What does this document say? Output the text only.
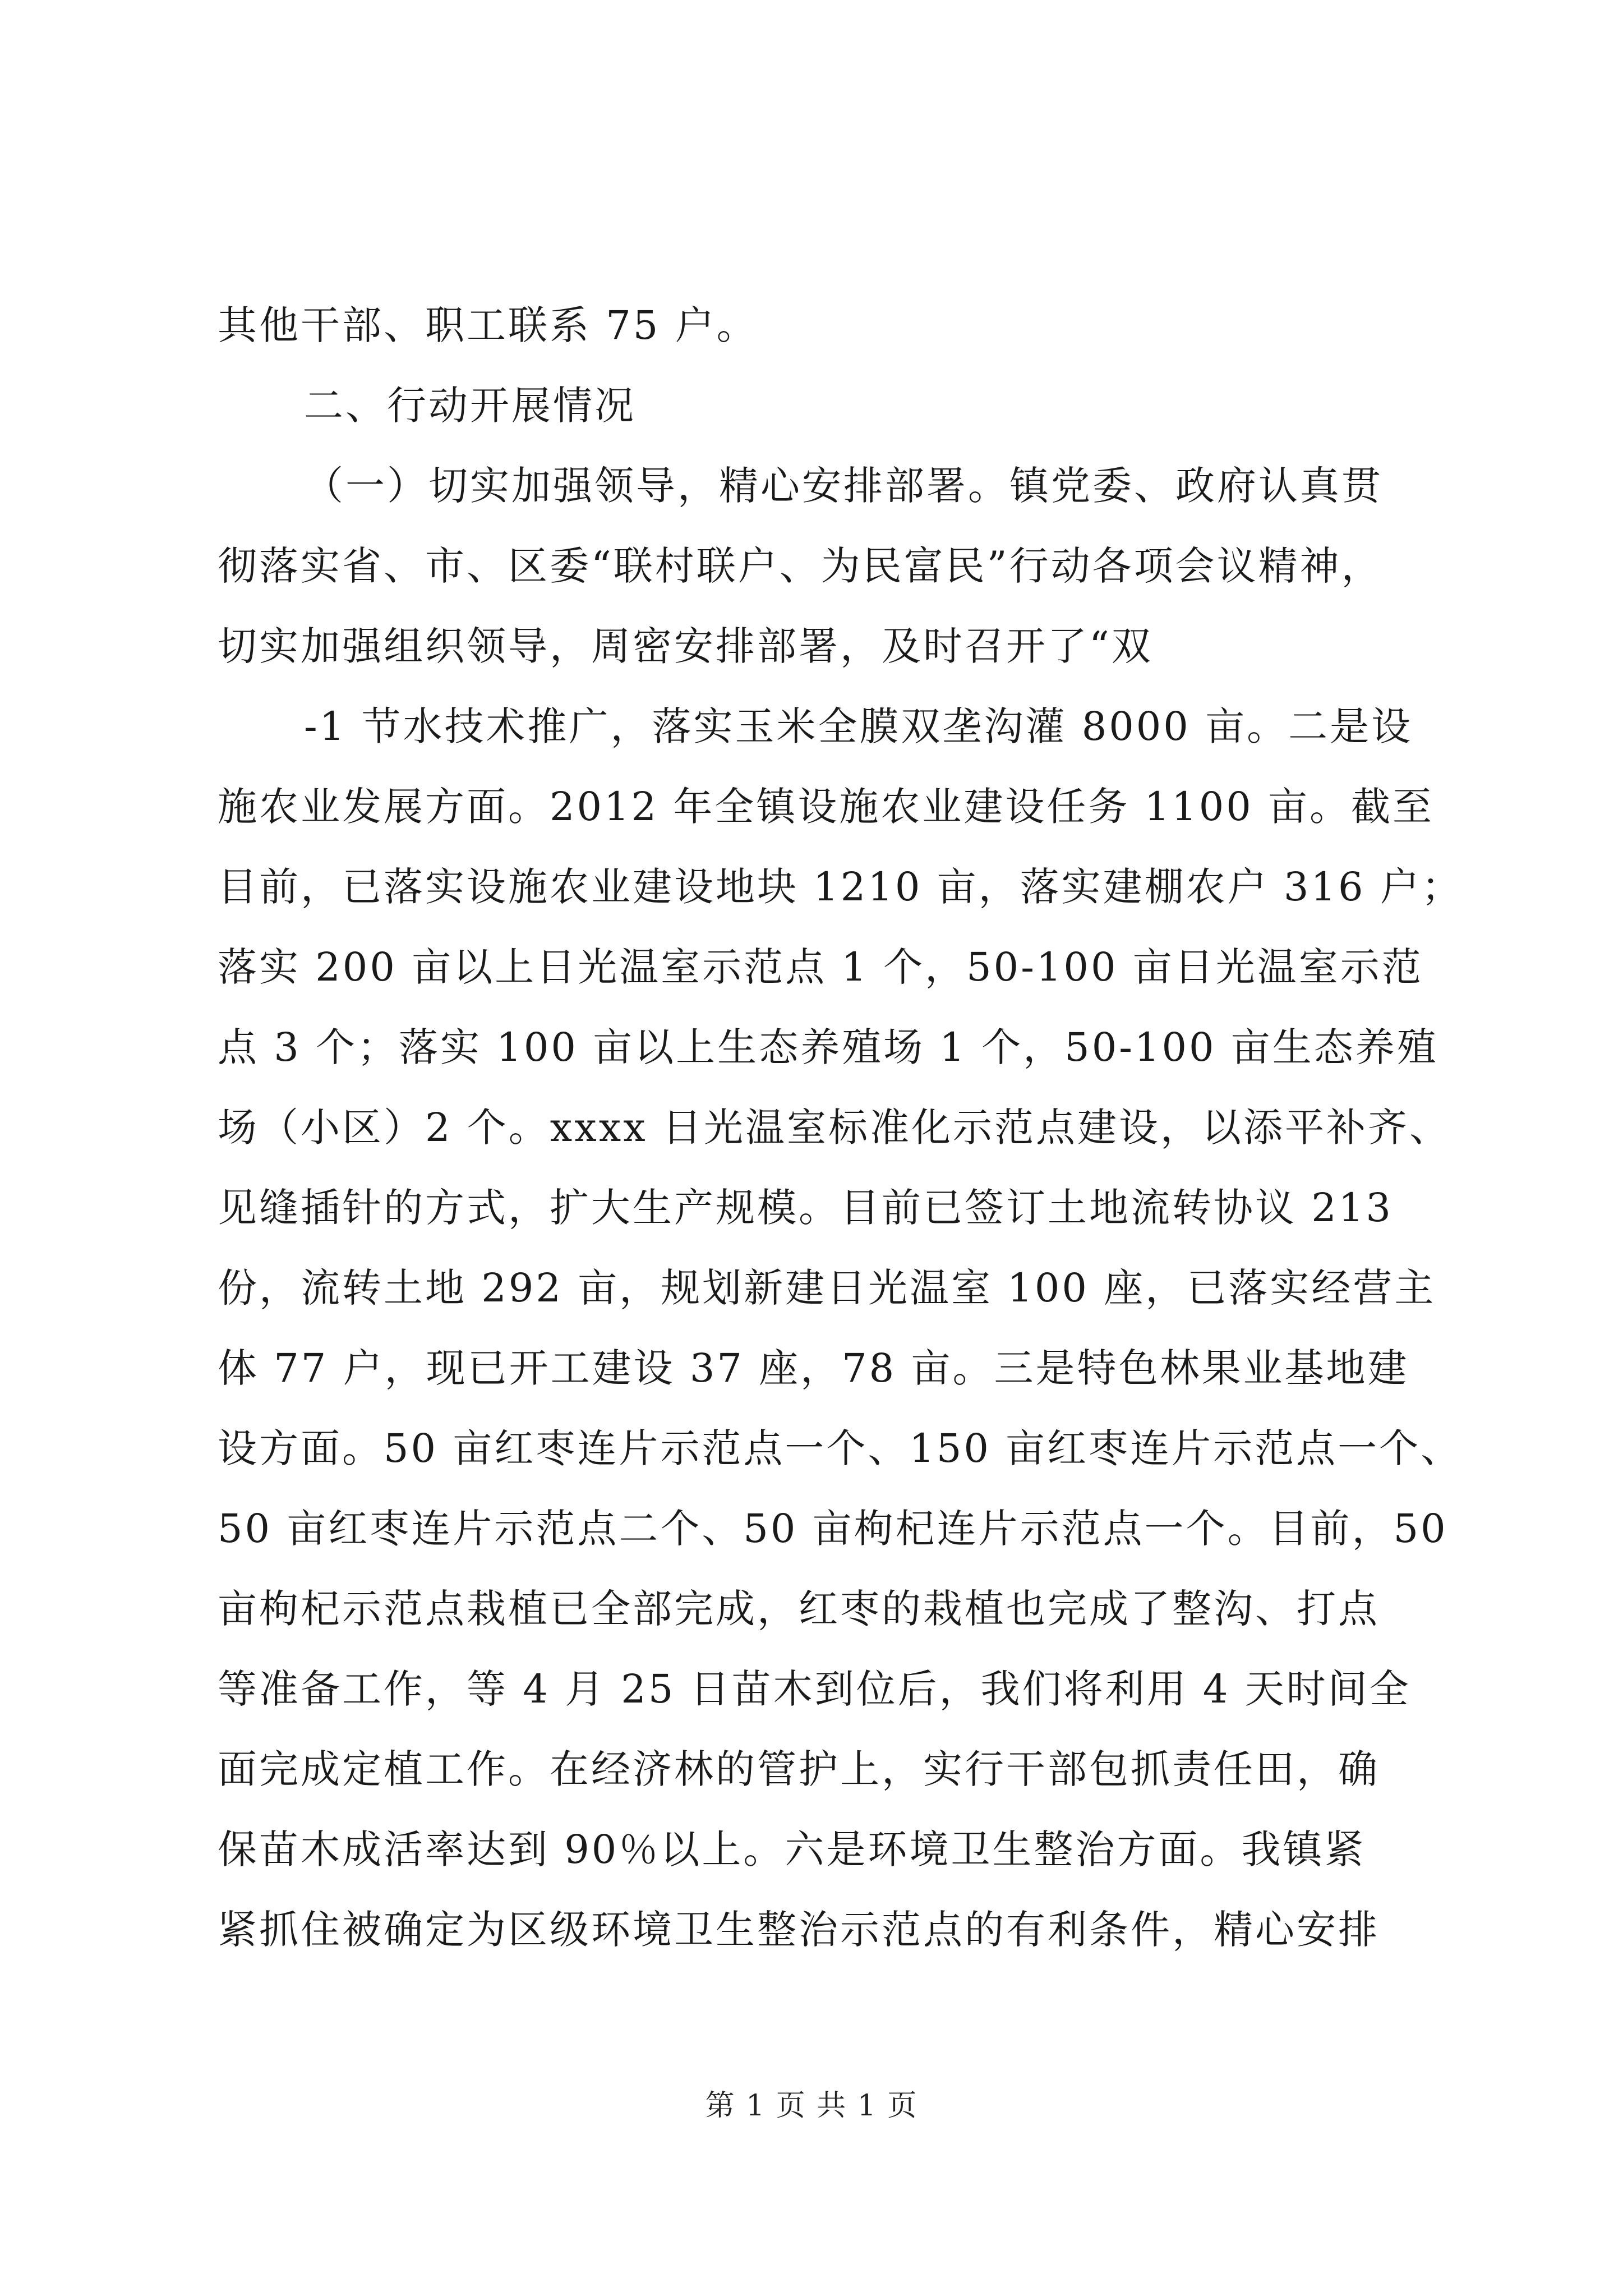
其他干部、职工联系 75 户。
二、行动开展情况
（一）切实加强领导，精心安排部署。镇党委、政府认真贯
彻落实省、市、区委“联村联户、为民富民”行动各项会议精神，
切实加强组织领导，周密安排部署，及时召开了“双
-1 节水技术推广，落实玉米全膜双垄沟灌 8000 亩。二是设
施农业发展方面。2012 年全镇设施农业建设任务 1100 亩。截至
目前，已落实设施农业建设地块 1210 亩，落实建棚农户 316 户；
落实 200 亩以上日光温室示范点 1 个，50-100 亩日光温室示范
点 3 个；落实 100 亩以上生态养殖场 1 个，50-100 亩生态养殖
场（小区）2 个。xxxx 日光温室标准化示范点建设，以添平补齐、
见缝插针的方式，扩大生产规模。目前已签订土地流转协议 213
份，流转土地 292 亩，规划新建日光温室 100 座，已落实经营主
体 77 户，现已开工建设 37 座，78 亩。三是特色林果业基地建
设方面。50 亩红枣连片示范点一个、150 亩红枣连片示范点一个、
50 亩红枣连片示范点二个、50 亩枸杞连片示范点一个。目前，50
亩枸杞示范点栽植已全部完成，红枣的栽植也完成了整沟、打点
等准备工作，等 4 月 25 日苗木到位后，我们将利用 4 天时间全
面完成定植工作。在经济林的管护上，实行干部包抓责任田，确
保苗木成活率达到 90％以上。六是环境卫生整治方面。我镇紧
紧抓住被确定为区级环境卫生整治示范点的有利条件，精心安排
第 1 页 共 1 页
